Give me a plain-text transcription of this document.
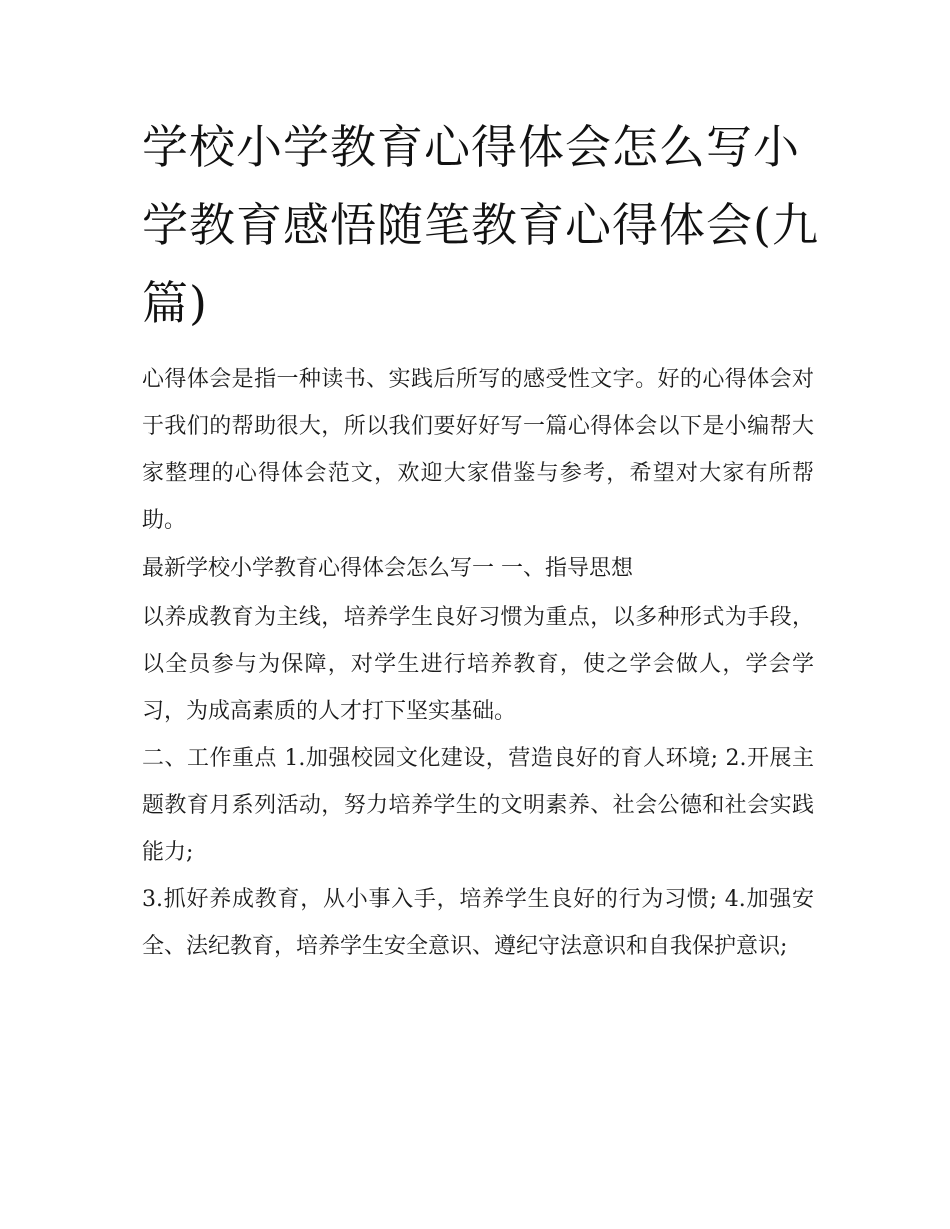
学校小学教育心得体会怎么写小学教育感悟随笔教育心得体会(九篇)

心得体会是指一种读书、实践后所写的感受性文字。好的心得体会对于我们的帮助很大，所以我们要好好写一篇心得体会以下是小编帮大家整理的心得体会范文，欢迎大家借鉴与参考，希望对大家有所帮助。

最新学校小学教育心得体会怎么写一 一、指导思想

以养成教育为主线，培养学生良好习惯为重点，以多种形式为手段，以全员参与为保障，对学生进行培养教育，使之学会做人，学会学习，为成高素质的人才打下坚实基础。

二、工作重点 1.加强校园文化建设，营造良好的育人环境; 2.开展主题教育月系列活动，努力培养学生的文明素养、社会公德和社会实践能力;

3.抓好养成教育，从小事入手，培养学生良好的行为习惯; 4.加强安全、法纪教育，培养学生安全意识、遵纪守法意识和自我保护意识;
